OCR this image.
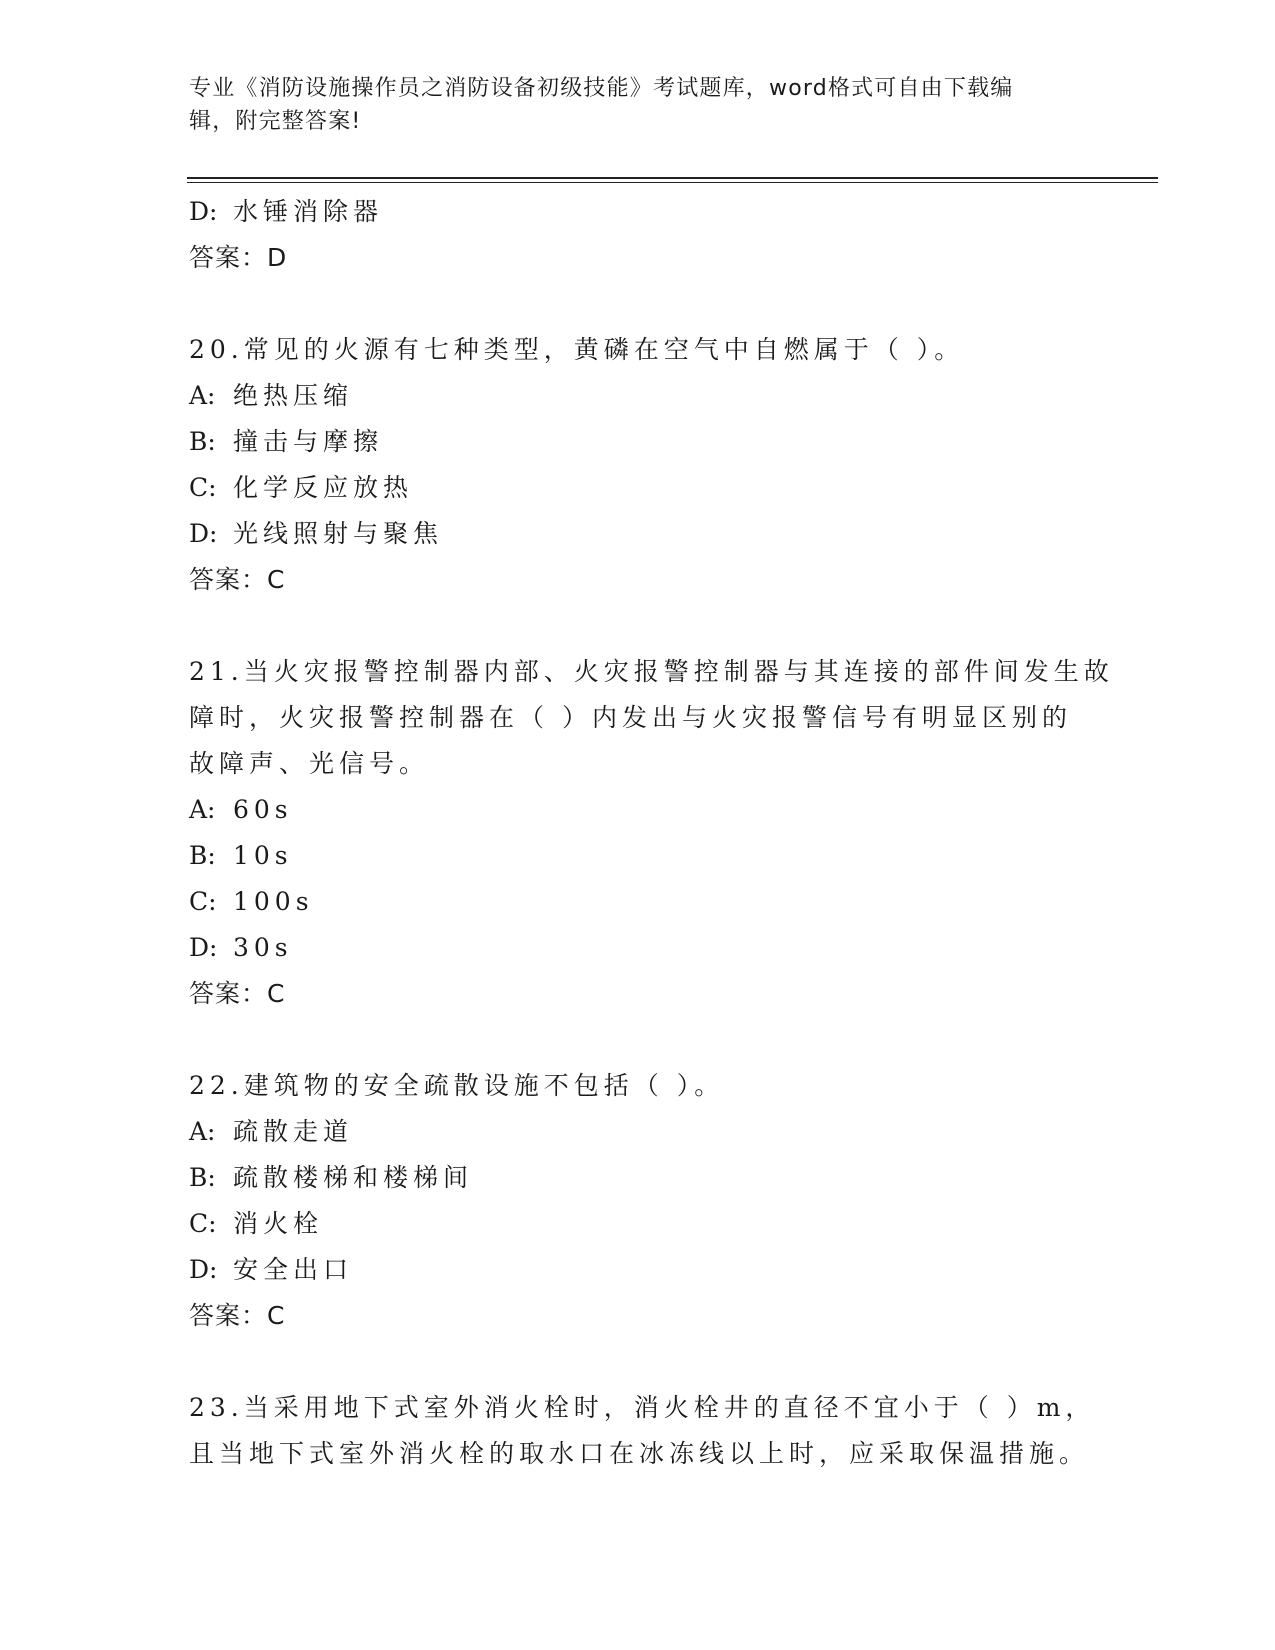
专业《消防设施操作员之消防设备初级技能》考试题库，word格式可自由下载编
辑，附完整答案!
D: 水锤消除器
答案：D
20.常见的火源有七种类型，黄磷在空气中自燃属于（ ）。
A: 绝热压缩
B: 撞击与摩擦
C: 化学反应放热
D: 光线照射与聚焦
答案：C
21.当火灾报警控制器内部、火灾报警控制器与其连接的部件间发生故
障时，火灾报警控制器在（ ）内发出与火灾报警信号有明显区别的
故障声、光信号。
A: 60s
B: 10s
C: 100s
D: 30s
答案：C
22.建筑物的安全疏散设施不包括（ ）。
A: 疏散走道
B: 疏散楼梯和楼梯间
C: 消火栓
D: 安全出口
答案：C
23.当采用地下式室外消火栓时，消火栓井的直径不宜小于（ ）m，
且当地下式室外消火栓的取水口在冰冻线以上时，应采取保温措施。
